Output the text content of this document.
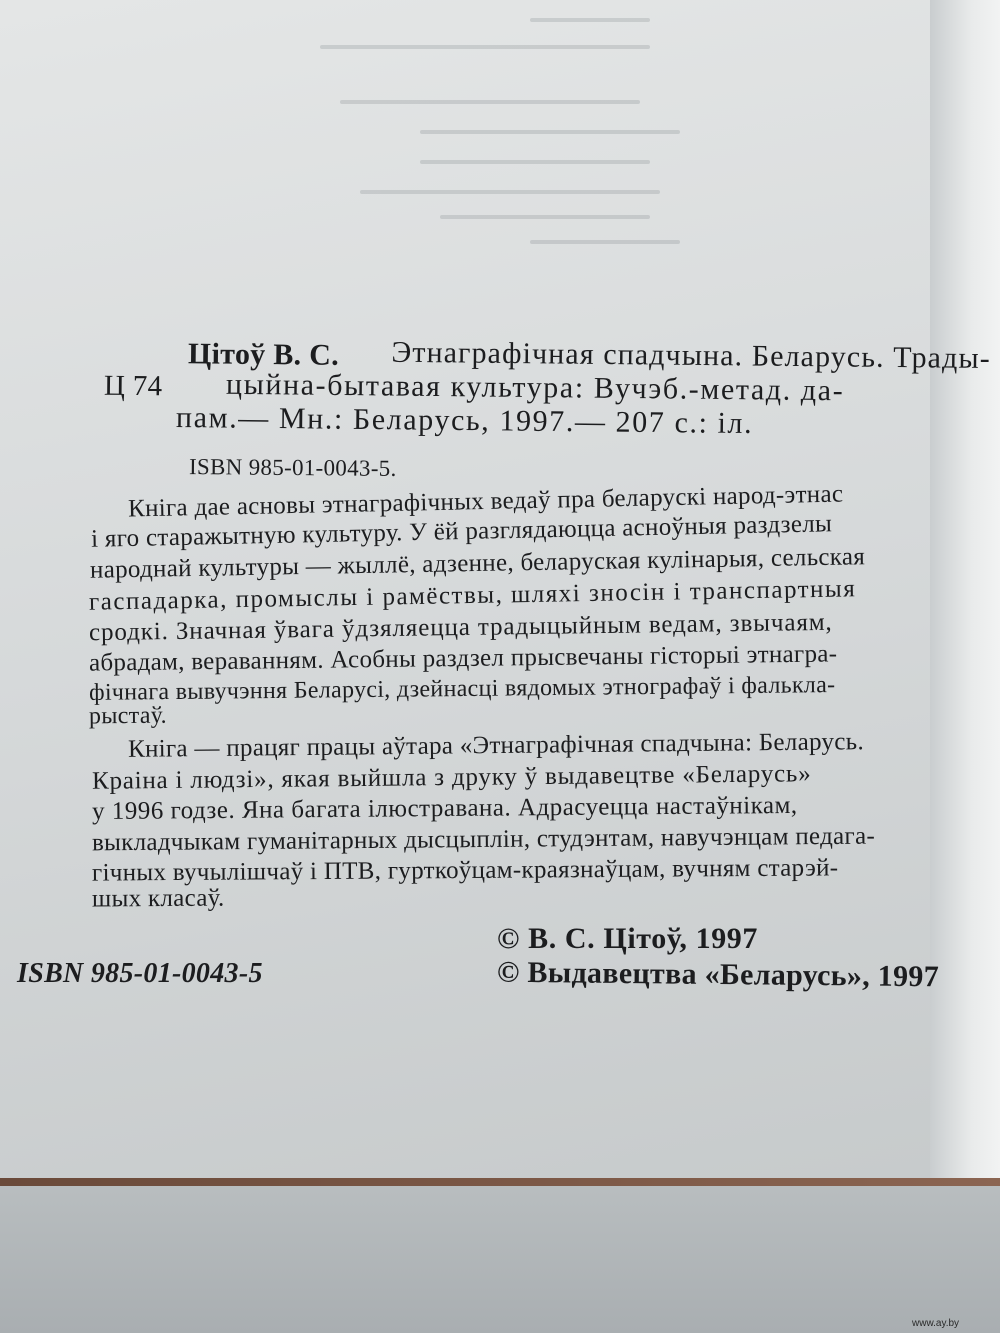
Цітоў В. С.
Ц 74
Этнаграфічная спадчына. Беларусь. Трады-
цыйна-бытавая культура: Вучэб.-метад. да-
пам.— Мн.: Беларусь, 1997.— 207 с.: іл.
ISBN 985-01-0043-5.
Кніга дае асновы этнаграфічных ведаў пра беларускі народ-этнас
і яго старажытную культуру. У ёй разглядаюцца асноўныя раздзелы
народнай культуры — жыллё, адзенне, беларуская кулінарыя, сельская
гаспадарка, промыслы і рамёствы, шляхі зносін і транспартныя
сродкі. Значная ўвага ўдзяляецца традыцыйным ведам, звычаям,
абрадам, вераванням. Асобны раздзел прысвечаны гісторыі этнагра-
фічнага вывучэння Беларусі, дзейнасці вядомых этнографаў і фалькла-
рыстаў.
Кніга — працяг працы аўтара «Этнаграфічная спадчына: Беларусь.
Краіна і людзі», якая выйшла з друку ў выдавецтве «Беларусь»
у 1996 годзе. Яна багата ілюстравана. Адрасуецца настаўнікам,
выкладчыкам гуманітарных дысцыплін, студэнтам, навучэнцам педага-
гічных вучылішчаў і ПТВ, гурткоўцам-краязнаўцам, вучням старэй-
шых класаў.
© В. С. Цітоў, 1997
ISBN 985-01-0043-5	© Выдавецтва «Беларусь», 1997
www.ay.by
